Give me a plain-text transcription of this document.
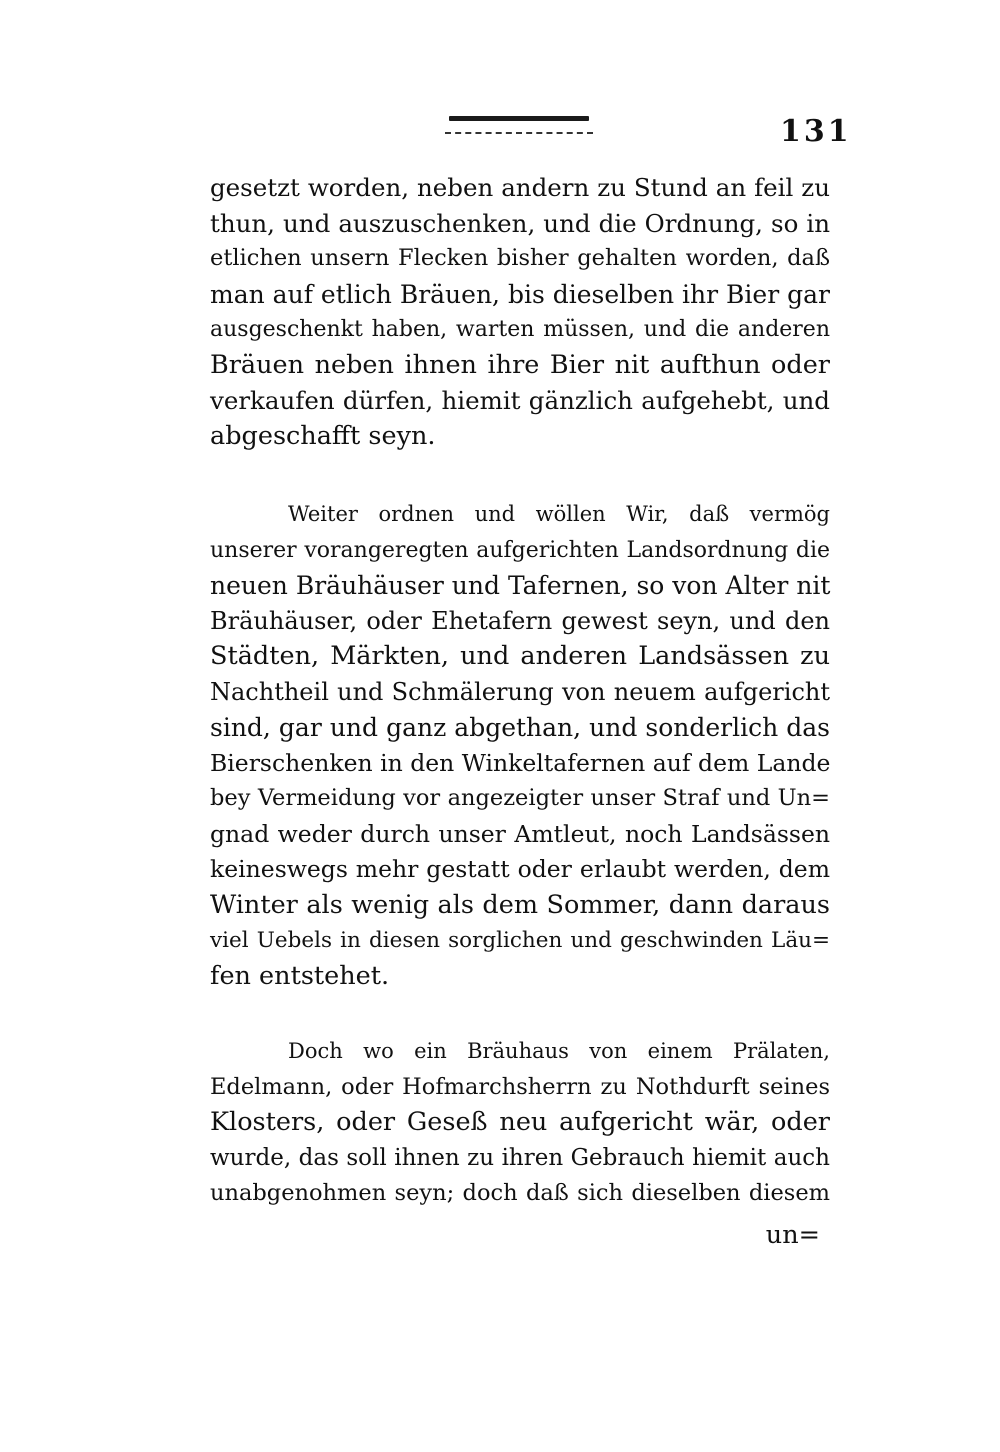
131

gesetzt worden, neben andern zu Stund an feil zu
thun, und auszuschenken, und die Ordnung, so in
etlichen unsern Flecken bisher gehalten worden, daß
man auf etlich Bräuen, bis dieselben ihr Bier gar
ausgeschenkt haben, warten müssen, und die anderen
Bräuen neben ihnen ihre Bier nit aufthun oder
verkaufen dürfen, hiemit gänzlich aufgehebt, und
abgeschafft seyn.

Weiter ordnen und wöllen Wir, daß vermög
unserer vorangeregten aufgerichten Landsordnung die
neuen Bräuhäuser und Tafernen, so von Alter nit
Bräuhäuser, oder Ehetafern gewest seyn, und den
Städten, Märkten, und anderen Landsässen zu
Nachtheil und Schmälerung von neuem aufgericht
sind, gar und ganz abgethan, und sonderlich das
Bierschenken in den Winkeltafernen auf dem Lande
bey Vermeidung vor angezeigter unser Straf und Un=
gnad weder durch unser Amtleut, noch Landsässen
keineswegs mehr gestatt oder erlaubt werden, dem
Winter als wenig als dem Sommer, dann daraus
viel Uebels in diesen sorglichen und geschwinden Läu=
fen entstehet.

Doch wo ein Bräuhaus von einem Prälaten,
Edelmann, oder Hofmarchsherrn zu Nothdurft seines
Klosters, oder Geseß neu aufgericht wär, oder
wurde, das soll ihnen zu ihren Gebrauch hiemit auch
unabgenohmen seyn; doch daß sich dieselben diesem

un=
